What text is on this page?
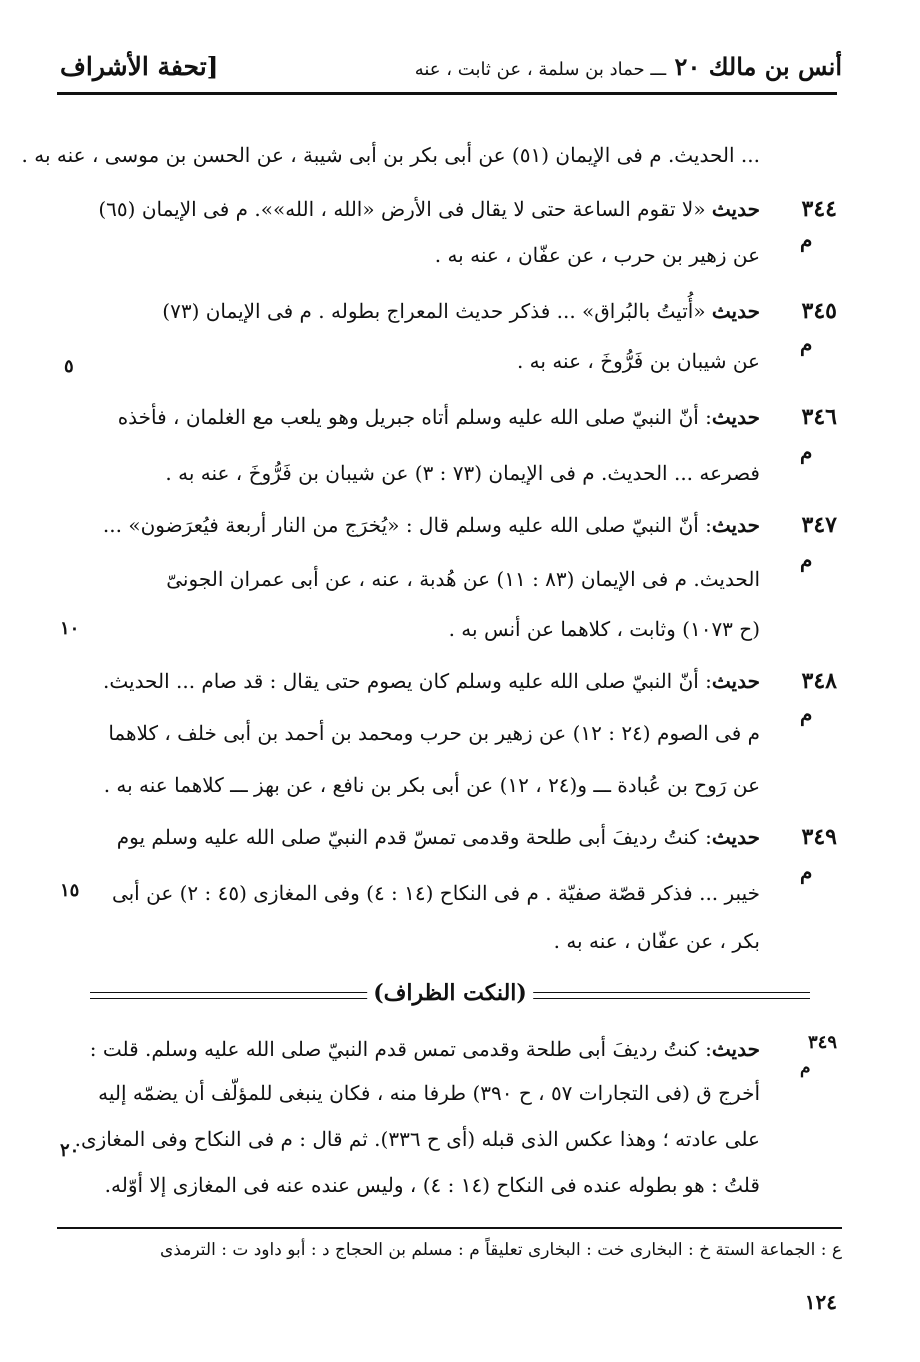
أنس بن مالك ٢٠ ـــ حماد بن سلمة ، عن ثابت ، عنه
[تحفة الأشراف
... الحديث. م فى الإيمان (٥١) عن أبى بكر بن أبى شيبة ، عن الحسن بن موسى ، عنه به .
٣٤٤
م
حديث «لا تقوم الساعة حتى لا يقال فى الأرض «الله ، الله»». م فى الإيمان (٦٥)
عن زهير بن حرب ، عن عفّان ، عنه به .
٣٤٥
م
٥
حديث «أُتيتُ بالبُراق» ... فذكر حديث المعراج بطوله . م فى الإيمان (٧٣)
عن شيبان بن فَرُّوخَ ، عنه به .
٣٤٦
م
حديث: أنّ النبيّ صلى الله عليه وسلم أتاه جبريل وهو يلعب مع الغلمان ، فأخذه
فصرعه ... الحديث. م فى الإيمان (٧٣ : ٣) عن شيبان بن فَرُّوخَ ، عنه به .
٣٤٧
م
١٠
حديث: أنّ النبيّ صلى الله عليه وسلم قال : «يُخرَج من النار أربعة فيُعرَضون» ...
الحديث. م فى الإيمان (٨٣ : ١١) عن هُدبة ، عنه ، عن أبى عمران الجونىّ
(ح ١٠٧٣) وثابت ، كلاهما عن أنس به .
٣٤٨
م
حديث: أنّ النبيّ صلى الله عليه وسلم كان يصوم حتى يقال : قد صام ... الحديث.
م فى الصوم (٢٤ : ١٢) عن زهير بن حرب ومحمد بن أحمد بن أبى خلف ، كلاهما
عن رَوح بن عُبادة ـــ و(٢٤ ، ١٢) عن أبى بكر بن نافع ، عن بهز ـــ كلاهما عنه به .
٣٤٩
م
١٥
حديث: كنتُ رديفَ أبى طلحة وقدمى تمسّ قدم النبيّ صلى الله عليه وسلم يوم
خيبر ... فذكر قصّة صفيّة . م فى النكاح (١٤ : ٤) وفى المغازى (٤٥ : ٢) عن أبى
بكر ، عن عفّان ، عنه به .
(النكت الظراف)
٣٤٩
م
٢٠
حديث: كنتُ رديفَ أبى طلحة وقدمى تمس قدم النبيّ صلى الله عليه وسلم. قلت :
أخرج ق (فى التجارات ٥٧ ، ح ٣٩٠) طرفا منه ، فكان ينبغى للمؤلّف أن يضمّه إليه
على عادته ؛ وهذا عكس الذى قبله (أى ح ٣٣٦). ثم قال : م فى النكاح وفى المغازى.
قلتُ : هو بطوله عنده فى النكاح (١٤ : ٤) ، وليس عنده عنه فى المغازى إلا أوّله.
ع : الجماعة الستة خ : البخارى خت : البخارى تعليقاً م : مسلم بن الحجاج د : أبو داود ت : الترمذى
١٢٤
